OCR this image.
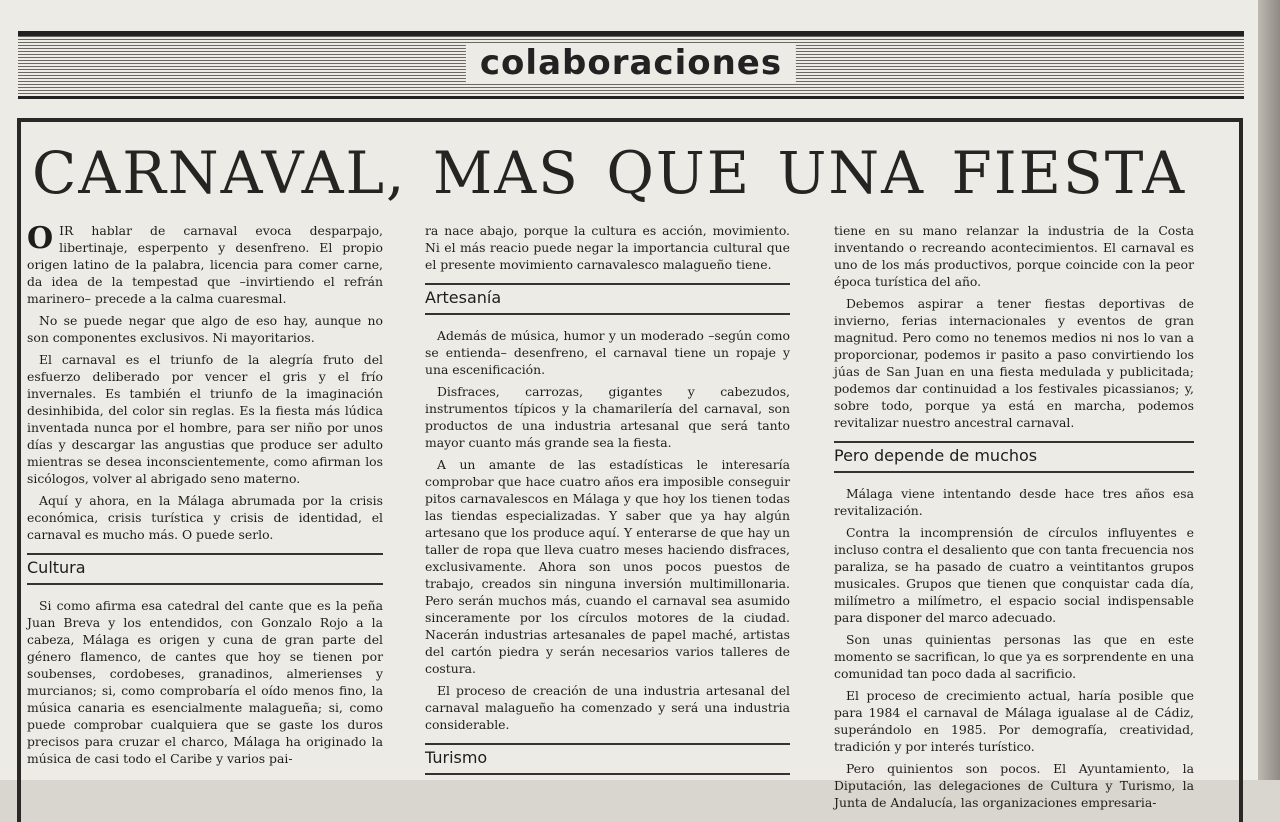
colaboraciones
CARNAVAL, MAS QUE UNA FIESTA

OIR hablar de carnaval evoca desparpajo, libertinaje, esperpento y desenfreno. El propio origen latino de la palabra, licencia para comer carne, da idea de la tempestad que –invirtiendo el refrán marinero– precede a la calma cuaresmal.

No se puede negar que algo de eso hay, aunque no son componentes exclusivos. Ni mayoritarios.

El carnaval es el triunfo de la alegría fruto del esfuerzo deliberado por vencer el gris y el frío invernales. Es también el triunfo de la imaginación desinhibida, del color sin reglas. Es la fiesta más lúdica inventada nunca por el hombre, para ser niño por unos días y descargar las angustias que produce ser adulto mientras se desea inconscientemente, como afirman los sicólogos, volver al abrigado seno materno.

Aquí y ahora, en la Málaga abrumada por la crisis económica, crisis turística y crisis de identidad, el carnaval es mucho más. O puede serlo.

Cultura

Si como afirma esa catedral del cante que es la peña Juan Breva y los entendidos, con Gonzalo Rojo a la cabeza, Málaga es origen y cuna de gran parte del género flamenco, de cantes que hoy se tienen por soubenses, cordobeses, granadinos, almerienses y murcianos; si, como comprobaría el oído menos fino, la música canaria es esencialmente malagueña; si, como puede comprobar cualquiera que se gaste los duros precisos para cruzar el charco, Málaga ha originado la música de casi todo el Caribe y varios pai-

ra nace abajo, porque la cultura es acción, movimiento. Ni el más reacio puede negar la importancia cultural que el presente movimiento carnavalesco malagueño tiene.

Artesanía

Además de música, humor y un moderado –según como se entienda– desenfreno, el carnaval tiene un ropaje y una escenificación.

Disfraces, carrozas, gigantes y cabezudos, instrumentos típicos y la chamarilería del carnaval, son productos de una industria artesanal que será tanto mayor cuanto más grande sea la fiesta.

A un amante de las estadísticas le interesaría comprobar que hace cuatro años era imposible conseguir pitos carnavalescos en Málaga y que hoy los tienen todas las tiendas especializadas. Y saber que ya hay algún artesano que los produce aquí. Y enterarse de que hay un taller de ropa que lleva cuatro meses haciendo disfraces, exclusivamente. Ahora son unos pocos puestos de trabajo, creados sin ninguna inversión multimillonaria. Pero serán muchos más, cuando el carnaval sea asumido sinceramente por los círculos motores de la ciudad. Nacerán industrias artesanales de papel maché, artistas del cartón piedra y serán necesarios varios talleres de costura.

El proceso de creación de una industria artesanal del carnaval malagueño ha comenzado y será una industria considerable.

Turismo

tiene en su mano relanzar la industria de la Costa inventando o recreando acontecimientos. El carnaval es uno de los más productivos, porque coincide con la peor época turística del año.

Debemos aspirar a tener fiestas deportivas de invierno, ferias internacionales y eventos de gran magnitud. Pero como no tenemos medios ni nos lo van a proporcionar, podemos ir pasito a paso convirtiendo los júas de San Juan en una fiesta medulada y publicitada; podemos dar continuidad a los festivales picassianos; y, sobre todo, porque ya está en marcha, podemos revitalizar nuestro ancestral carnaval.

Pero depende de muchos

Málaga viene intentando desde hace tres años esa revitalización.

Contra la incomprensión de círculos influyentes e incluso contra el desaliento que con tanta frecuencia nos paraliza, se ha pasado de cuatro a veintitantos grupos musicales. Grupos que tienen que conquistar cada día, milímetro a milímetro, el espacio social indispensable para disponer del marco adecuado.

Son unas quinientas personas las que en este momento se sacrifican, lo que ya es sorprendente en una comunidad tan poco dada al sacrificio.

El proceso de crecimiento actual, haría posible que para 1984 el carnaval de Málaga igualase al de Cádiz, superándolo en 1985. Por demografía, creatividad, tradición y por interés turístico.

Pero quinientos son pocos. El Ayuntamiento, la Diputación, las delegaciones de Cultura y Turismo, la Junta de Andalucía, las organizaciones empresaria-
